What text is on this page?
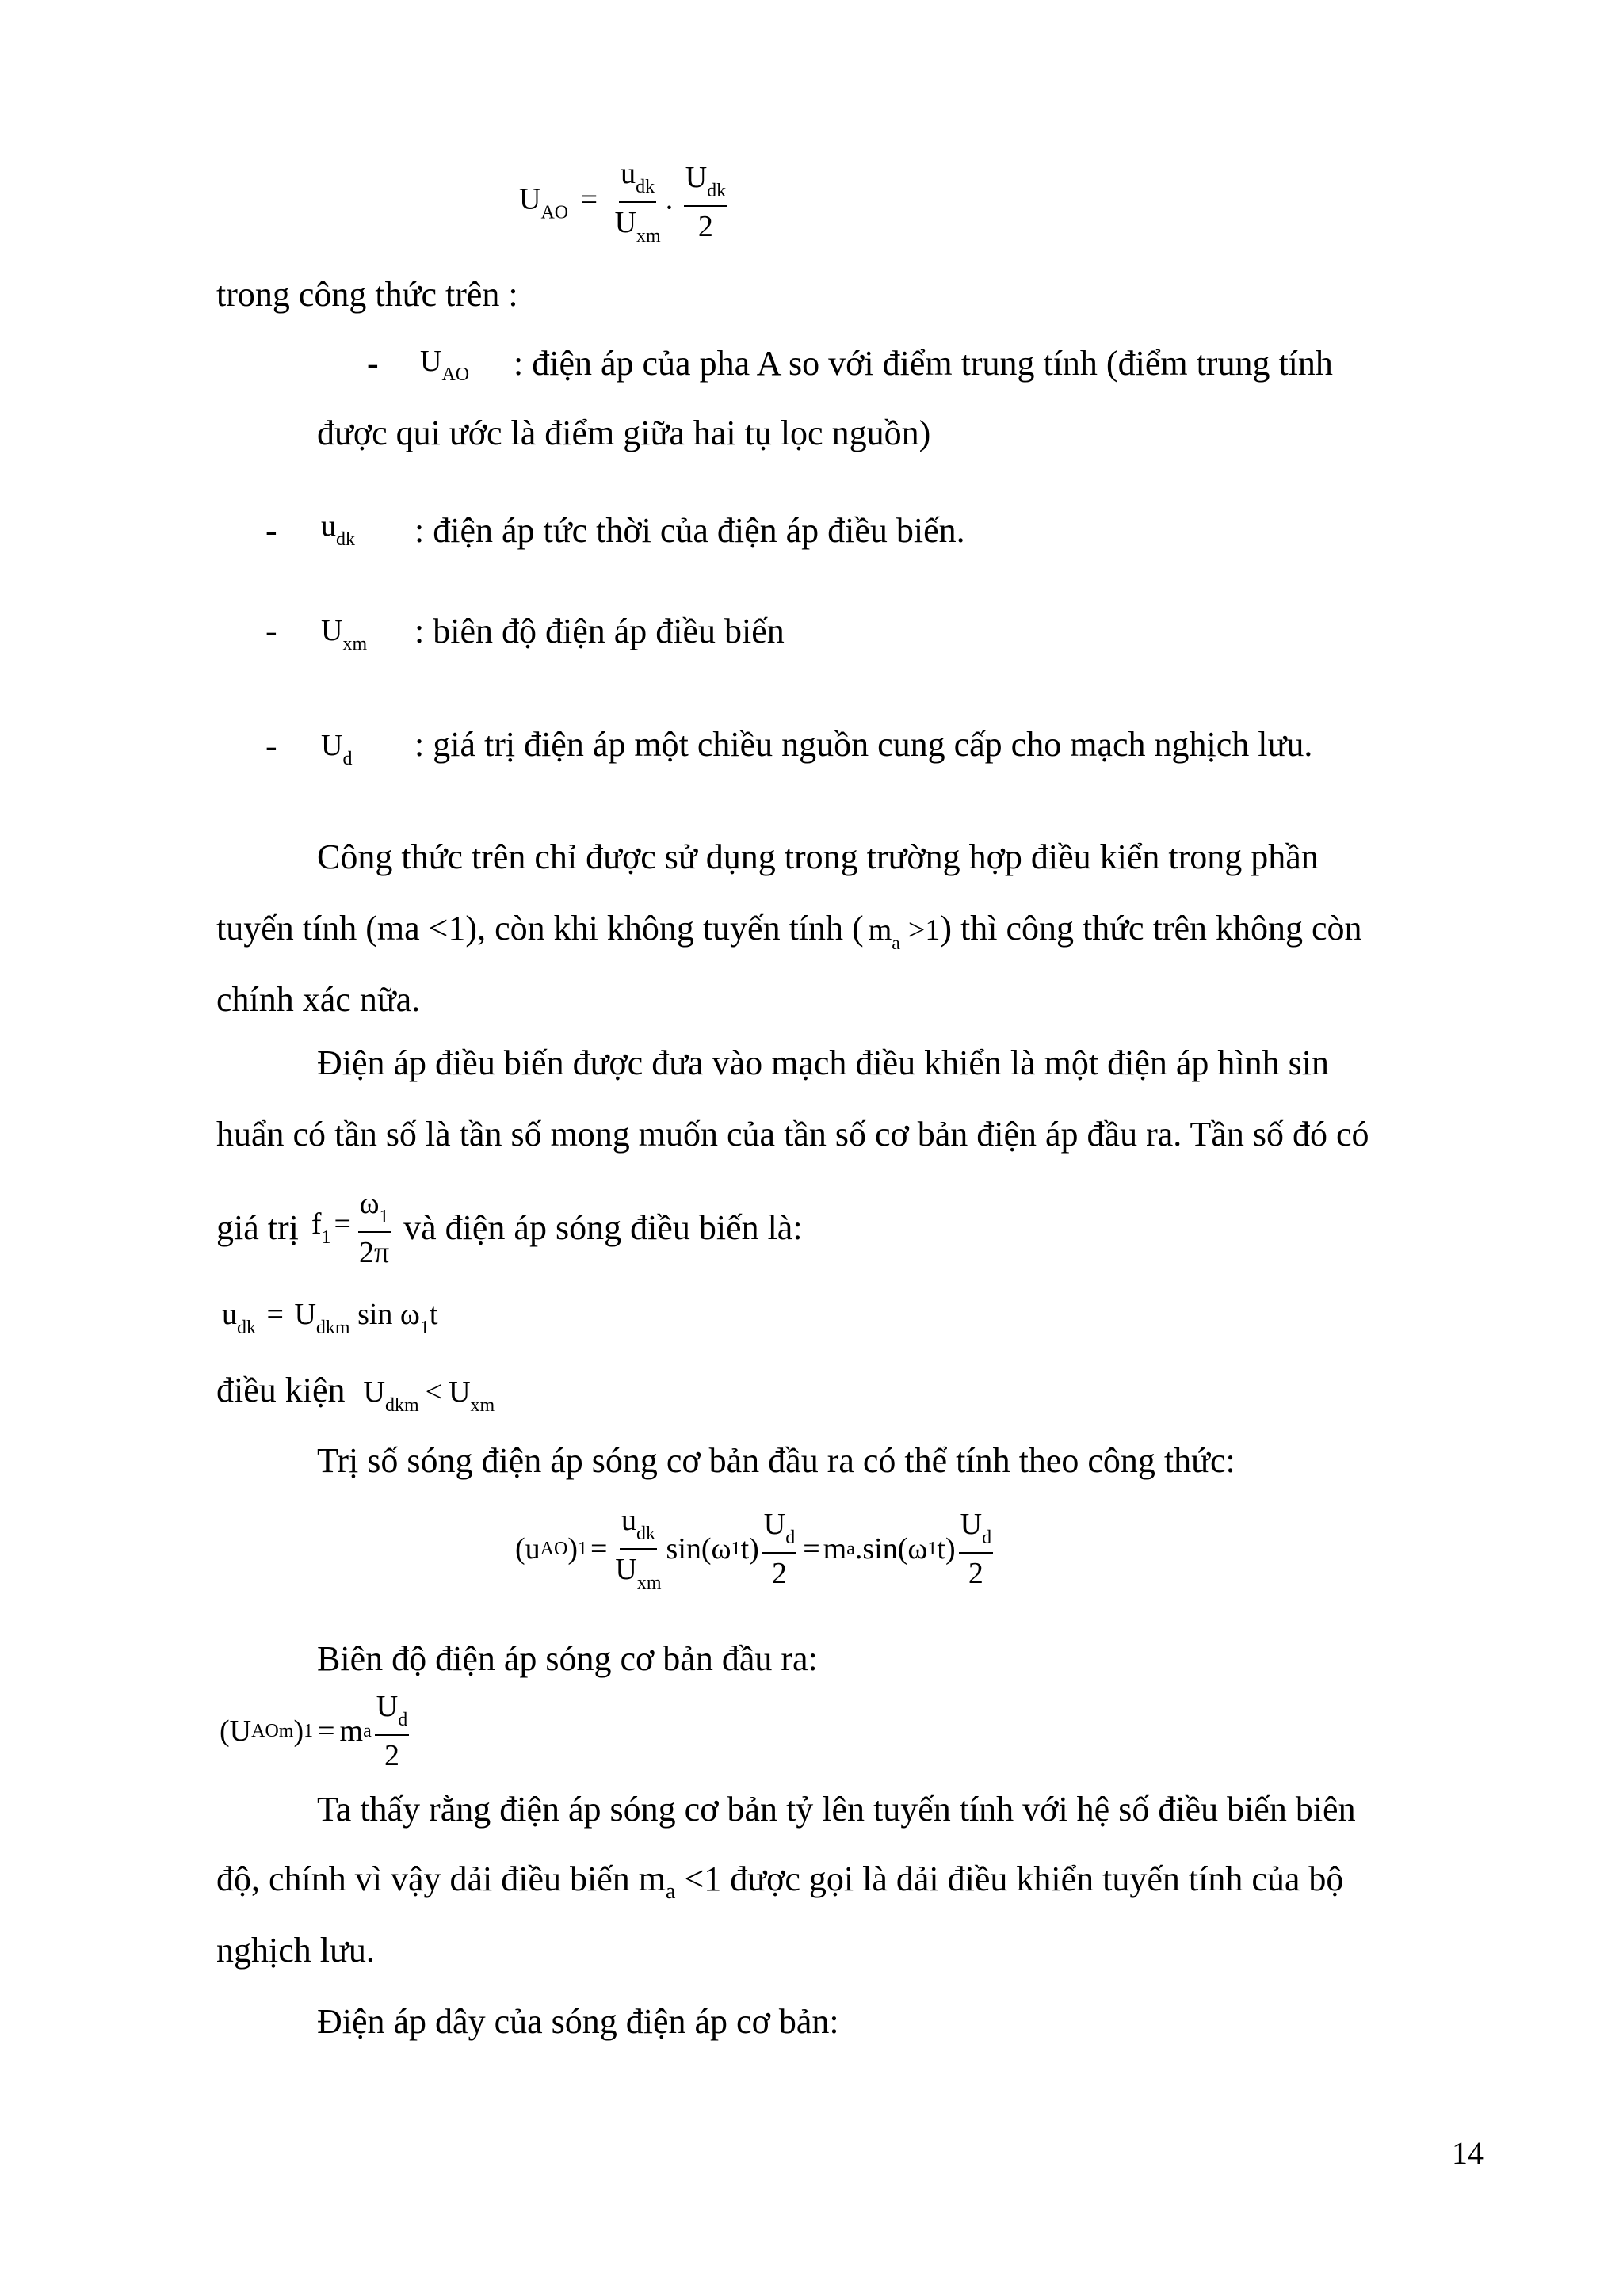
$U_{AO} = \frac{u_{dk}}{U_{xm}}$ . $\frac{U_{dk}}{2}$
trong công thức trên :
- $U_{AO}$ : điện áp của pha A so với điểm trung tính (điểm trung tính
được qui ước là điểm giữa hai tụ lọc nguồn)
- $u_{dk}$ : điện áp tức thời của điện áp điều biến.
- $U_{xm}$ : biên độ điện áp điều biến
- $U_d$ : giá trị điện áp một chiều nguồn cung cấp cho mạch nghịch lưu.
Công thức trên chỉ được sử dụng trong trường hợp điều kiển trong phần
tuyến tính (ma <1), còn khi không tuyến tính ( $m_a >1$) thì công thức trên không còn
chính xác nữa.
Điện áp điều biến được đưa vào mạch điều khiển là một điện áp hình sin
huẩn có tần số là tần số mong muốn của tần số cơ bản điện áp đầu ra. Tần số đó có
giá trị $f_1 = \frac{\omega_1}{2\pi}$ và điện áp sóng điều biến là:
$u_{dk} = U_{dkm}$ $\sin \omega_1t$
điều kiện $U_{dkm} < U_{xm}$
Trị số sóng điện áp sóng cơ bản đầu ra có thể tính theo công thức:
(u AO ) $1 = \frac{u_{dk}}{U_{xm}} \sin(\omega$ 1 $t) \frac{U_d}{2} = m$ a .sin(ω 1 $t) \frac{U_d}{2}$
Biên độ điện áp sóng cơ bản đầu ra:
(U AOm ) 1 = m a $\frac{U_d}{2}$
Ta thấy rằng điện áp sóng cơ bản tỷ lên tuyến tính với hệ số điều biến biên
độ, chính vì vậy dải điều biến $m_a <1$ được gọi là dải điều khiển tuyến tính của bộ
nghịch lưu.
Điện áp dây của sóng điện áp cơ bản:
14
